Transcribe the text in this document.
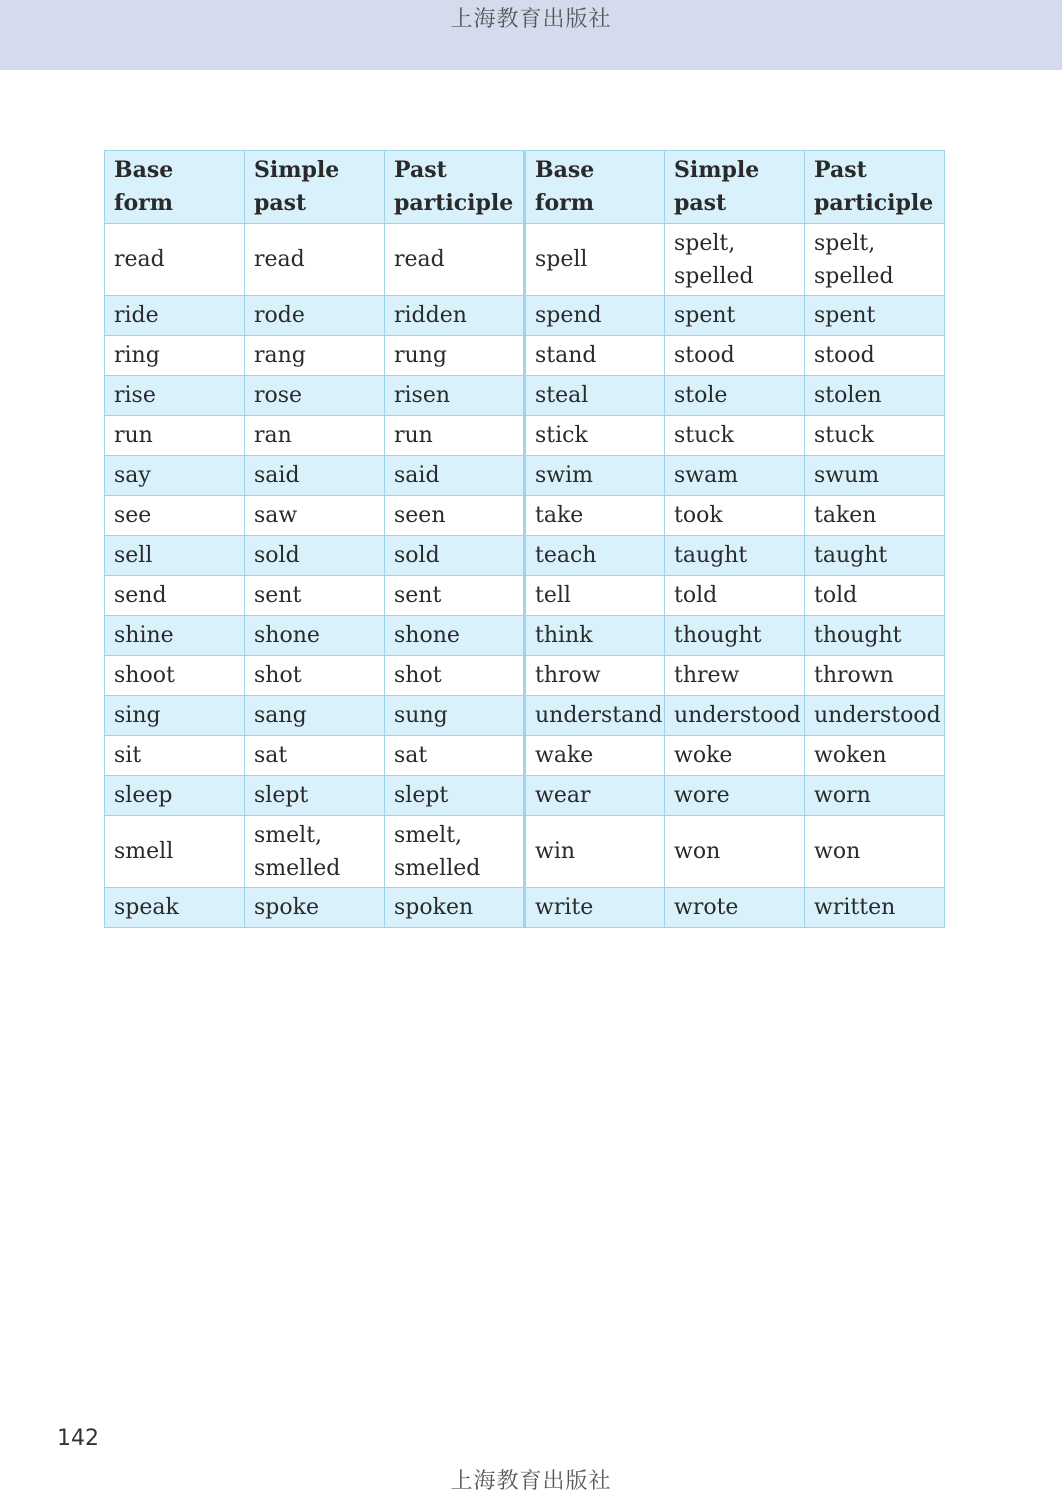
上海教育出版社
Base form	Simple past	Past participle	Base form	Simple past	Past participle
read	read	read	spell	spelt, spelled	spelt, spelled
ride	rode	ridden	spend	spent	spent
ring	rang	rung	stand	stood	stood
rise	rose	risen	steal	stole	stolen
run	ran	run	stick	stuck	stuck
say	said	said	swim	swam	swum
see	saw	seen	take	took	taken
sell	sold	sold	teach	taught	taught
send	sent	sent	tell	told	told
shine	shone	shone	think	thought	thought
shoot	shot	shot	throw	threw	thrown
sing	sang	sung	understand	understood	understood
sit	sat	sat	wake	woke	woken
sleep	slept	slept	wear	wore	worn
smell	smelt, smelled	smelt, smelled	win	won	won
speak	spoke	spoken	write	wrote	written
142
上海教育出版社
